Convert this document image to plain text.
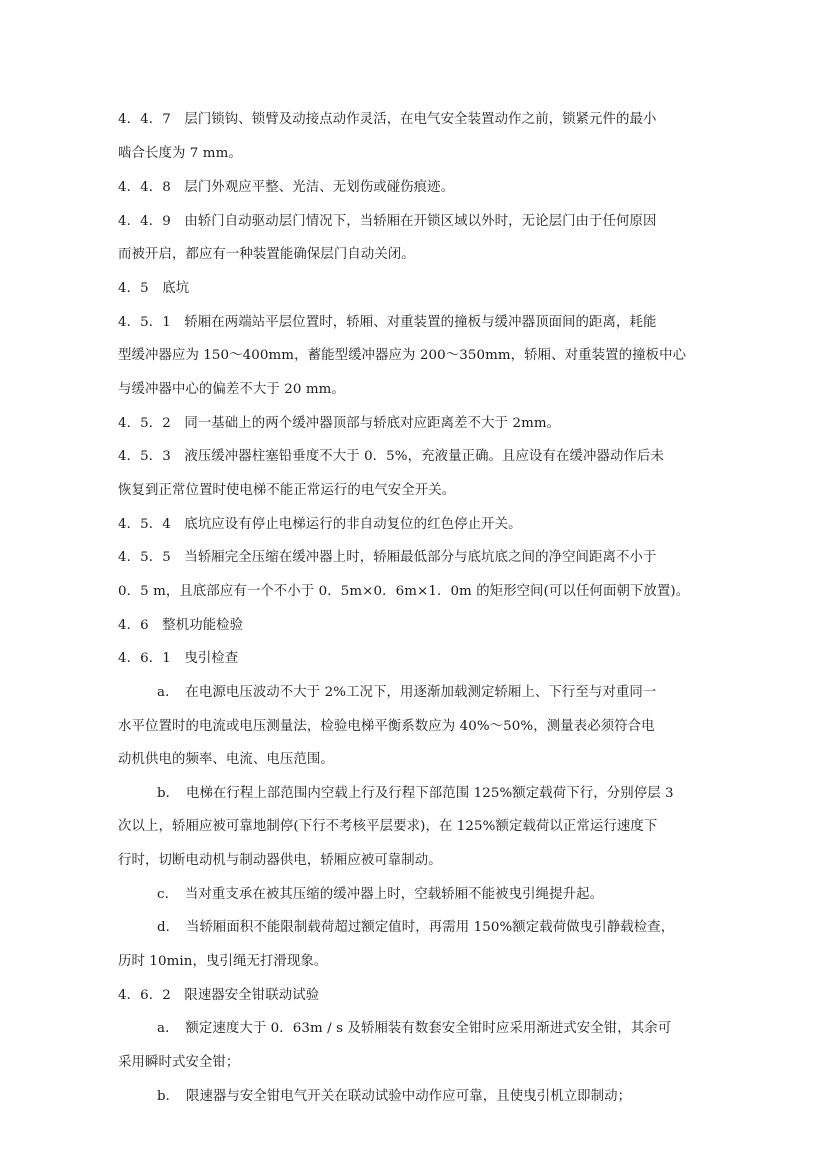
4．4．7　层门锁钩、锁臂及动接点动作灵活，在电气安全装置动作之前，锁紧元件的最小
啮合长度为 7 mm。
4．4．8　层门外观应平整、光洁、无划伤或碰伤痕迹。
4．4．9　由轿门自动驱动层门情况下，当轿厢在开锁区域以外时，无论层门由于任何原因
而被开启，都应有一种装置能确保层门自动关闭。
4．5　底坑
4．5．1　轿厢在两端站平层位置时，轿厢、对重装置的撞板与缓冲器顶面间的距离，耗能
型缓冲器应为 150～400mm，蓄能型缓冲器应为 200～350mm，轿厢、对重装置的撞板中心
与缓冲器中心的偏差不大于 20 mm。
4．5．2　同一基础上的两个缓冲器顶部与轿底对应距离差不大于 2mm。
4．5．3　液压缓冲器柱塞铅垂度不大于 0．5%，充液量正确。且应设有在缓冲器动作后未
恢复到正常位置时使电梯不能正常运行的电气安全开关。
4．5．4　底坑应设有停止电梯运行的非自动复位的红色停止开关。
4．5．5　当轿厢完全压缩在缓冲器上时，轿厢最低部分与底坑底之间的净空间距离不小于
0．5 m，且底部应有一个不小于 0．5m×0．6m×1．0m 的矩形空间(可以任何面朝下放置)。
4．6　整机功能检验
4．6．1　曳引检查
a．　在电源电压波动不大于 2%工况下，用逐渐加载测定轿厢上、下行至与对重同一
水平位置时的电流或电压测量法，检验电梯平衡系数应为 40%～50%，测量表必须符合电
动机供电的频率、电流、电压范围。
b．　电梯在行程上部范围内空载上行及行程下部范围 125%额定载荷下行，分别停层 3
次以上，轿厢应被可靠地制停(下行不考核平层要求)，在 125%额定载荷以正常运行速度下
行时，切断电动机与制动器供电，轿厢应被可靠制动。
c．　当对重支承在被其压缩的缓冲器上时，空载轿厢不能被曳引绳提升起。
d．　当轿厢面积不能限制载荷超过额定值时，再需用 150%额定载荷做曳引静载检查，
历时 10min，曳引绳无打滑现象。
4．6．2　限速器安全钳联动试验
a．　额定速度大于 0．63m / s 及轿厢装有数套安全钳时应采用渐进式安全钳，其余可
采用瞬时式安全钳；
b．　限速器与安全钳电气开关在联动试验中动作应可靠，且使曳引机立即制动；
